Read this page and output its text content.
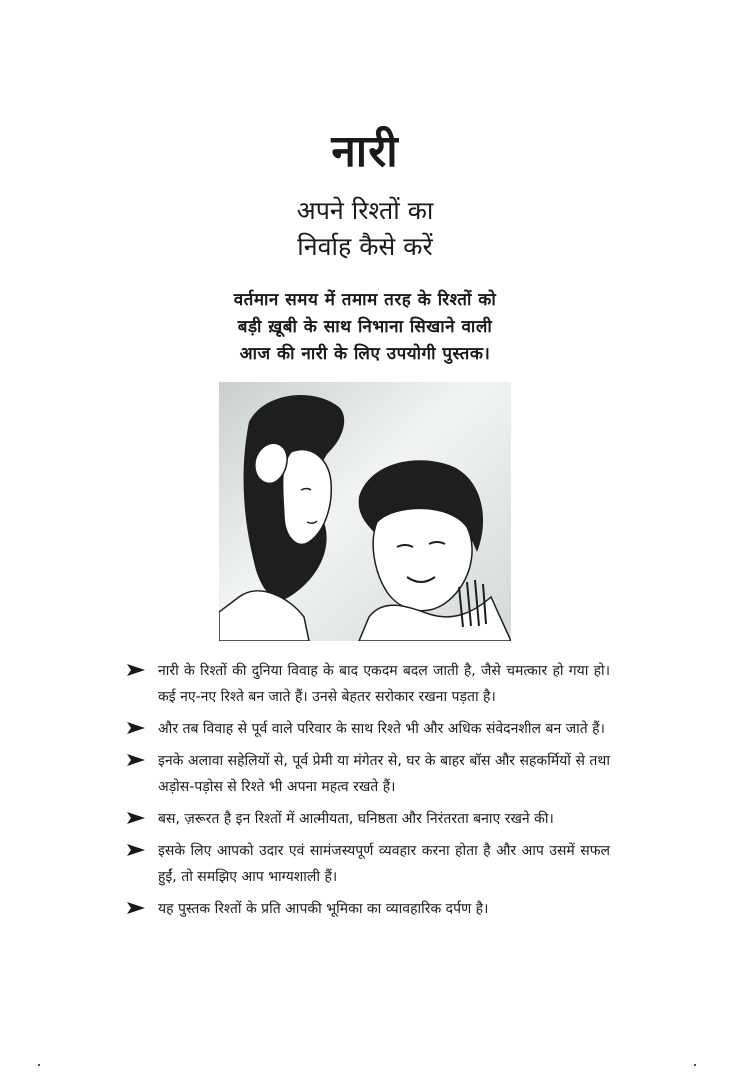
नारी
अपने रिश्तों का
निर्वाह कैसे करें
वर्तमान समय में तमाम तरह के रिश्तों को
बड़ी ख़ूबी के साथ निभाना सिखाने वाली
आज की नारी के लिए उपयोगी पुस्तक।
नारी के रिश्तों की दुनिया विवाह के बाद एकदम बदल जाती है, जैसे चमत्कार हो गया हो। कई नए-नए रिश्ते बन जाते हैं। उनसे बेहतर सरोकार रखना पड़ता है।
और तब विवाह से पूर्व वाले परिवार के साथ रिश्ते भी और अधिक संवेदनशील बन जाते हैं।
इनके अलावा सहेलियों से, पूर्व प्रेमी या मंगेतर से, घर के बाहर बॉस और सहकर्मियों से तथा अड़ोस-पड़ोस से रिश्ते भी अपना महत्व रखते हैं।
बस, ज़रूरत है इन रिश्तों में आत्मीयता, घनिष्ठता और निरंतरता बनाए रखने की।
इसके लिए आपको उदार एवं सामंजस्यपूर्ण व्यवहार करना होता है और आप उसमें सफल हुईं, तो समझिए आप भाग्यशाली हैं।
यह पुस्तक रिश्तों के प्रति आपकी भूमिका का व्यावहारिक दर्पण है।
